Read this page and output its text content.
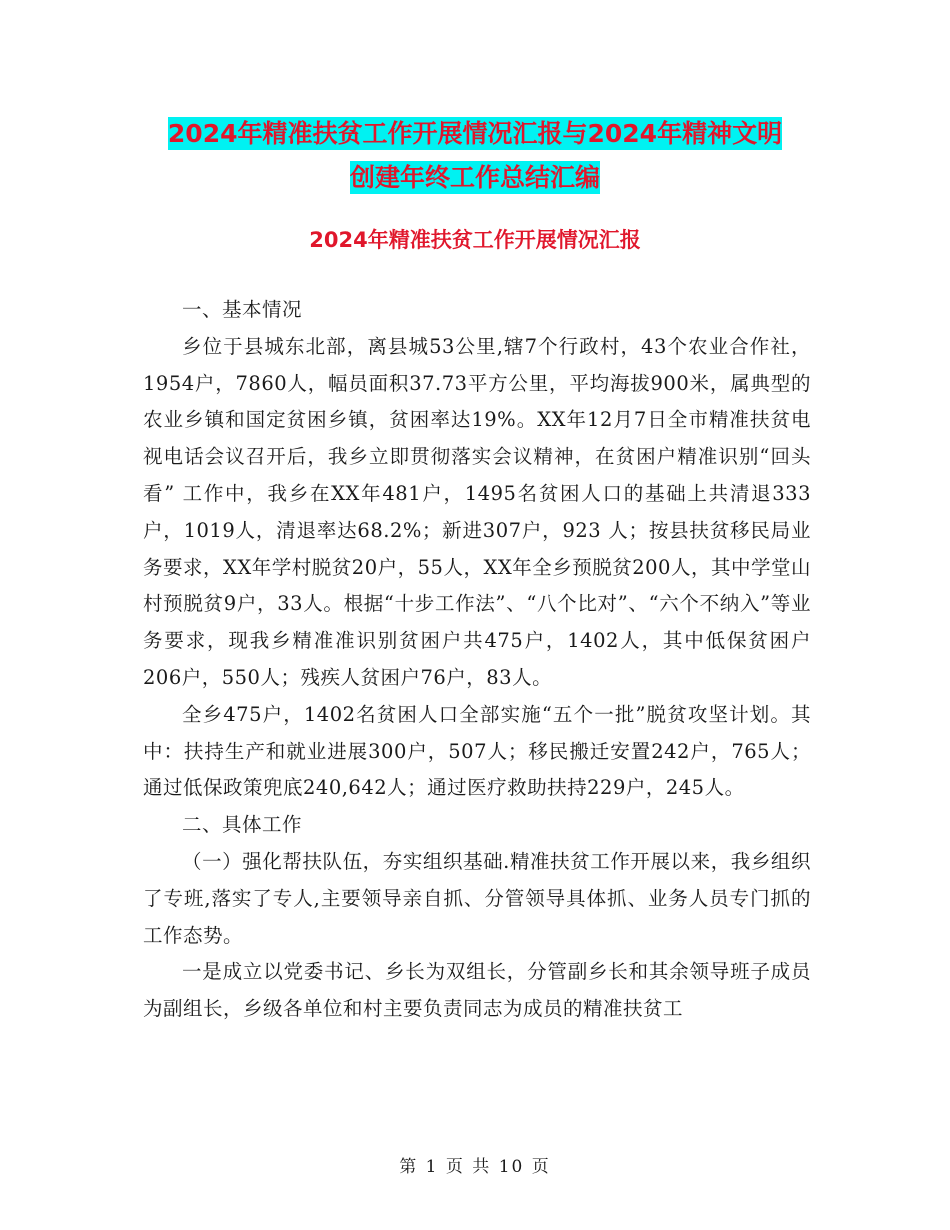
2024年精准扶贫工作开展情况汇报与2024年精神文明
创建年终工作总结汇编
2024年精准扶贫工作开展情况汇报

一、基本情况

乡位于县城东北部，离县城53公里,辖7个行政村，43个农业合作社，1954户，7860人，幅员面积37.73平方公里，平均海拔900米，属典型的农业乡镇和国定贫困乡镇，贫困率达19%。XX年12月7日全市精准扶贫电视电话会议召开后，我乡立即贯彻落实会议精神，在贫困户精准识别“回头看” 工作中，我乡在XX年481户，1495名贫困人口的基础上共清退333户，1019人，清退率达68.2%；新进307户，923 人；按县扶贫移民局业务要求，XX年学村脱贫20户，55人，XX年全乡预脱贫200人，其中学堂山村预脱贫9户，33人。根据“十步工作法”、“八个比对”、“六个不纳入”等业务要求，现我乡精准准识别贫困户共475户，1402人，其中低保贫困户206户，550人；残疾人贫困户76户，83人。

全乡475户，1402名贫困人口全部实施“五个一批”脱贫攻坚计划。其中：扶持生产和就业进展300户，507人；移民搬迁安置242户，765人；通过低保政策兜底240,642人；通过医疗救助扶持229户，245人。

二、具体工作

（一）强化帮扶队伍，夯实组织基础.精准扶贫工作开展以来，我乡组织了专班,落实了专人,主要领导亲自抓、分管领导具体抓、业务人员专门抓的工作态势。

一是成立以党委书记、乡长为双组长，分管副乡长和其余领导班子成员为副组长，乡级各单位和村主要负责同志为成员的精准扶贫工

第 1 页 共 10 页
